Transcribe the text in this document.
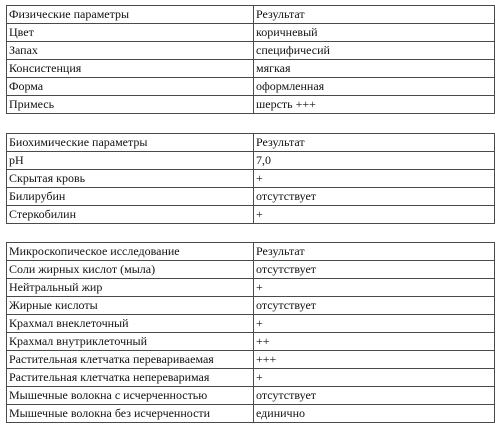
Физические параметры	Результат
Цвет	коричневый
Запах	специфичесий
Консистенция	мягкая
Форма	оформленная
Примесь	шерсть +++
Биохимические параметры	Результат
pH	7,0
Скрытая кровь	+
Билирубин	отсутствует
Стеркобилин	+
Микроскопическое исследование	Результат
Соли жирных кислот (мыла)	отсутствует
Нейтральный жир	+
Жирные кислоты	отсутствует
Крахмал внеклеточный	+
Крахмал внутриклеточный	++
Растительная клетчатка перевариваемая	+++
Растительная клетчатка непереваримая	+
Мышечные волокна с исчерченностью	отсутствует
Мышечные волокна без исчерченности	единично
